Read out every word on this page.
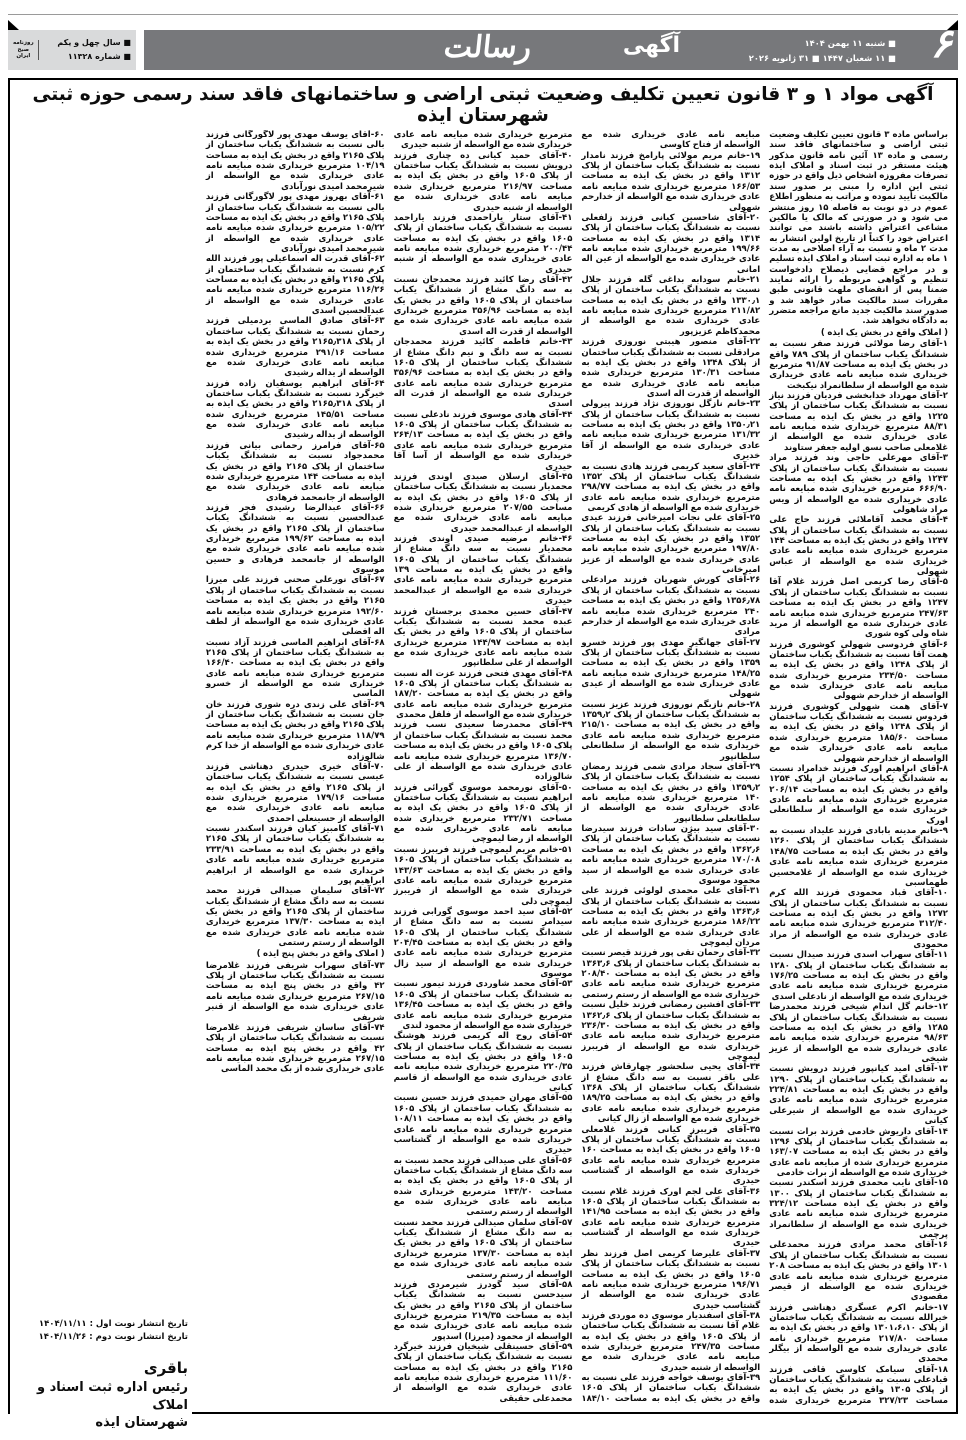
■ سال چهل و یکم
■ شماره ۱۱۳۲۸
روزنامه
صبح
ایران	۶
■ شنبه ۱۱ بهمن ۱۴۰۴
■ ۱۱ شعبان ۱۴۴۷ ■ ۳۱ ژانویه ۲۰۲۶
آگهی
رسالت
آگهی مواد ۱ و ۳ قانون تعیین تکلیف وضعیت ثبتی اراضی و ساختمانهای فاقد سند رسمی حوزه ثبتی شهرستان ایذه

براساس ماده ۳ قانون تعیین تکلیف وضعیت ثبتی اراضی و ساختمانهای فاقد سند رسمی و ماده ۱۳ آئین نامه قانون مذکور هیئت مستقر در ثبت اسناد و املاک ایذه تصرفات مفروزه اشخاص ذیل واقع در حوزه ثبتی این اداره را مبنی بر صدور سند مالکیت تأیید نموده و مراتب به منظور اطلاع عموم در دو نوبت به فاصله ۱۵ روز منتشر می شود و در صورتی که مالک یا مالکین مشاعی اعتراض داشته باشند می توانند اعتراض خود را کتباً از تاریخ اولین انتشار به مدت ۲ ماه و نسبت به آراء اصلاحی به مدت ۱ ماه به اداره ثبت اسناد و املاک ایذه تسلیم و در مراجع قضایی ذیصلاح دادخواست تنظیم و گواهی مربوطه را ارائه نمایند ضمنا پس از انقضای ملهت قانونی طبق مقررات سند مالکیت صادر خواهد شد و صدور سند مالکیت جدید مانع مراجعه متضرر به دادگاه نخواهد شد.

( املاک واقع در بخش یک ایذه )

۱-آقای رضا مولائی فرزند صفر نسبت به ششدانگ یکباب ساختمان از پلاک ۷۸۹ واقع در بخش یک ایذه به مساحت ۹۱/۸۷ مترمربع خریداری شده مبایعه نامه عادی خریداری شده مع الواسطه از سلطانمراد نیکبخت

۲-آقای مهرداد خدابخشی فردیان فرزند نیاز نسبت به ششدانگ یکباب ساختمان از پلاک ۱۲۲۵ واقع در بخش یک ایذه به مساحت ۸۸/۳۱ مترمربع خریداری شده مبایعه نامه عادی خریداری شده مع الواسطه از غلامعلی صاحب نسق اولیه جعفر ستاوند

۳-آقای مهرعلی حاجی وند فرزند مراد نسبت به ششدانگ یکباب ساختمان از پلاک ۱۲۴۳ واقع در بخش یک ایذه به مساحت ۶۶۶/۹۰ مترمربع خریداری شده مبایعه نامه عادی خریداری شده مع الواسطه از ویس مراد شاهولی

۴-آقای محمد آقاملائی فرزند حاج علی نسبت به ششدانگ یکباب ساختمان از پلاک ۱۲۴۷ واقع در بخش یک ایذه به مساحت ۱۴۴ مترمربع خریداری شده مبایعه نامه عادی خریداری شده مع الواسطه از عباس شهولی

۵-آقای رضا کریمی اصل فرزند غلام آقا نسبت به ششدانگ یکباب ساختمان از پلاک ۱۲۴۷ واقع در بخش یک ایذه به مساحت ۲۴۷/۶۳ مترمربع خریداری شده مبایعه نامه عادی خریداری شده مع الواسطه از مرید شاه ولی کوه شوری

۶-آقای فردوسی شهولی کوشوری فرزند همت آقا نسبت به ششدانگ یکباب ساختمان از پلاک ۱۲۴۸ واقع در بخش یک ایذه به مساحت ۲۳۴/۵۰ مترمربع خریداری شده مبایعه نامه عادی خریداری شده مع الواسطه از خدارحم شهولی

۷-آقای همت شهولی کوشوری فرزند فردوس نسبت به ششدانگ یکباب ساختمان از پلاک ۱۲۴۸ واقع در بخش یک ایذه به مساحت ۱۸۵/۶۰ مترمربع خریداری شده مبایعه نامه عادی خریداری شده مع الواسطه از خدارحم شهولی

۸-آقای ابراهیم اورک فرزند خدامراد نسبت به ششدانگ یکباب ساختمان از پلاک ۱۲۵۴ واقع در بخش یک ایذه به مساحت ۲۰۶/۱۴ مترمربع خریداری شده مبایعه نامه عادی خریداری شده مع الواسطه از سلطانعلی اورک

۹-خانم مدینه بابادی فرزند علیداد نسبت به ششدانگ یکباب ساختمان از پلاک ۱۲۶۰ واقع در بخش یک ایذه به مساحت ۱۴۸/۷۵ مترمربع خریداری شده مبایعه نامه عادی خریداری شده مع الواسطه از غلامحسین طهماسبی

۱۰-آقای قباد محمودی فرزند الله کرم نسبت به ششدانگ یکباب ساختمان از پلاک ۱۲۷۲ واقع در بخش یک ایذه به مساحت ۳۱۲/۴۰ مترمربع خریداری شده مبایعه نامه عادی خریداری شده مع الواسطه از مراد محمودی

۱۱-آقای سهراب اسدی فرزند صیدال نسبت به ششدانگ یکباب ساختمان از پلاک ۱۲۸۰ واقع در بخش یک ایذه به مساحت ۱۷۶/۲۵ مترمربع خریداری شده مبایعه نامه عادی خریداری شده مع الواسطه از نادعلی اسدی

۱۲-خانم گل اندام شیخی فرزند محمدرضا نسبت به ششدانگ یکباب ساختمان از پلاک ۱۲۸۵ واقع در بخش یک ایذه به مساحت ۹۸/۶۳ مترمربع خریداری شده مبایعه نامه عادی خریداری شده مع الواسطه از عزیز شیخی

۱۳-آقای امید کیانپور فرزند درویش نسبت به ششدانگ یکباب ساختمان از پلاک ۱۲۹۰ واقع در بخش یک ایذه به مساحت ۲۲۴/۸۱ مترمربع خریداری شده مبایعه نامه عادی خریداری شده مع الواسطه از شیرعلی کیانی

۱۴-آقای داریوش خادمی فرزند برات نسبت به ششدانگ یکباب ساختمان از پلاک ۱۲۹۶ واقع در بخش یک ایذه به مساحت ۱۶۳/۰۷ مترمربع خریداری شده از مبایعه نامه عادی خریداری شده مع الواسطه از برات خادمی

۱۵-آقای نایب محمدی فرزند اسکندر نسبت به ششدانگ یکباب ساختمان از پلاک ۱۳۰۰ واقع در بخش یک ایذه مساحت ۳۲۴/۱۲ مترمربع خریداری شده مبایعه نامه عادی خریداری شده مع الواسطه از سلطانمراد پرچمی

۱۶-آقای محمد مرادی فرزند محمدعلی نسبت به ششدانگ یکباب ساختمان از پلاک ۱۳۰۱ واقع در بخش یک ایذه به مساحت ۲۰۸ مترمربع خریداری شده مبایعه نامه عادی خریداری شده مع الواسطه از قیصر مقصودی

۱۷-خانم اکرم عسگری دهناشی فرزند خیرالله نسبت به ششدانگ یکباب ساختمان از پلاک ۱۳۰۱،۶،۱۰ واقع در بخش یک ایذه به مساحت ۲۱۷/۸۰ مترمربع خریداری نامه عادی خریداری شده مع الواسطه از بیگلر محمدی

۱۸-آقای سیامک کاوسی قافی فرزند قبادعلی نسبت به ششدانگ یکباب ساختمان از پلاک ۱۳۰۵ واقع در بخش یک ایذه به مساحت ۳۲۷/۲۳ مترمربع خریداری شده مبایعه نامه عادی خریداری شده مع الواسطه از فتاح کاوسی

۱۹-خانم مریم مولائی پارامخ فرزند نامدار نسبت به ششدانگ یکباب ساختمان از پلاک ۱۳۱۲ واقع در بخش یک ایذه به مساحت ۱۶۶/۵۳ مترمربع خریداری شده مبایعه نامه عادی خریداری شده مع الواسطه از خدارحم شهولی

۲۰-آقای شاحسین کیانی فرزند زلفعلی نسبت به ششدانگ یکباب ساختمان از پلاک ۱۳۱۴ واقع در بخش یک ایذه به مساحت ۱۹۹/۶۶ مترمربع خریداری شده مبایعه نامه عادی خریداری شده مع الواسطه از عین اله امانی

۲۱-خانم سودابه بداغی گله فرزند جلال نسبت به ششدانگ یکباب ساختمان از پلاک ۱۳۳۰٫۱ واقع در بخش یک ایذه به مساحت ۲۱۱/۸۲ مترمربع خریداری شده مبایعه نامه عادی خریداری شده مع الواسطه از محمدکاظم عزیزپور

۲۲-آقای منصور هیبتی نوروزی فرزند مرادقلی نسبت به ششدانگ یکباب ساختمان از پلاک ۱۳۴۸ واقع در بخش یک ایذه به مساحت ۱۳۰/۳۱ مترمربع خریداری شده مبایعه نامه عادی خریداری شده مع الواسطه از قدرت اله اسدی

۲۳-خانم نازگل نوروزی نژاد فرزند پیرولی نسبت به ششدانگ یکباب ساختمان از پلاک ۱۳۵۰٫۲۱ واقع در بخش یک ایذه به مساحت ۱۳۱/۳۲ مترمربع خریداری شده مبایعه نامه عادی خریداری شده مع الواسطه از آقا خدیری

۲۴-آقای سعید کریمی فرزند هادی نسبت به ششدانگ یکباب ساختمان از پلاک ۱۳۵۲ واقع در بخش یک ایذه به مساحت ۲۹۸/۷۷ مترمربع خریداری شده مبایعه نامه عادی خریداری شده مع الواسطه از هادی کریمی

۲۵-آقای علی نجات امیرخانی فرزند عیدی نسبت به ششدانگ یکباب ساختمان از پلاک ۱۳۵۲ واقع در بخش یک ایذه به مساحت ۱۹۷/۸۰ مترمربع خریداری شده مبایعه نامه عادی خریداری شده مع الواسطه از عزیز امیرخانی

۲۶-آقای کورش شهریان فرزند مرادعلی نسبت به ششدانگ یکباب ساختمان از پلاک ۱۳۵۶٫۷۸ واقع در بخش یک ایذه به مساحت ۲۴۰ مترمربع خریداری شده مبایعه نامه عادی خریداری شده مع الواسطه از خدارحم مرادی

۲۷-آقای جهانگیر مهدی پور فرزند خسرو نسبت به ششدانگ یکباب ساختمان از پلاک ۱۳۵۹ واقع در بخش یک ایذه به مساحت ۱۴۸/۲۵ مترمربع خریداری شده مبایعه نامه عادی خریداری شده مع الواسطه از عیدی شهولی

۲۸-خانم نازبگم نوروزی فرزند عزیز نسبت به ششدانگ یکباب ساختمان از پلاک ۱۳۵۹٫۲ واقع در بخش یک ایذه به مساحت ۲۱۵/۱۰ مترمربع خریداری شده مبایعه نامه عادی خریداری شده مع الواسطه از سلطانعلی سلطانپور

۲۹-آقای سجاد مرادی شمی فرزند رمضان نسبت به ششدانگ یکباب ساختمان از پلاک ۱۳۵۹٫۲ واقع در بخش یک ایذه به مساحت ۱۴۰ مترمربع خریداری شده مبایعه نامه عادی خریداری شده مع الواسطه از سلطانعلی سلطانپور

۳۰-آقای سید بیژن سادات فرزند سیدرضا نسبت به ششدانگ یکباب ساختمان از پلاک ۱۳۶۲٫۶ واقع در بخش یک ایذه به مساحت ۱۷۰/۰۸ مترمربع خریداری شده مبایعه نامه عادی خریداری شده مع الواسطه از سید محمود موسوی

۳۱-آقای علی محمدی لولوئی فرزند علی نسبت به ششدانگ یکباب ساختمان از پلاک ۱۳۶۳٫۶ واقع در بخش یک ایذه به مساحت ۱۸۶/۲۲ مترمربع خریداری شده مبایعه نامه عادی خریداری شده مع الواسطه از علی مردان لیموچی

۳۲-آقای رحمان تقی پور فرزند قیصر نسبت به ششدانگ یکباب ساختمان از پلاک ۱۳۶۳٫۶ واقع در بخش یک ایذه به مساحت ۲۰۸/۴۰ مترمربع خریداری شده مبایعه نامه عادی خریداری شده مع الواسطه از رستم رستمی

۳۳-آقای افشین رمضانی فرزند خلیل نسبت به ششدانگ یکباب ساختمان از پلاک ۱۳۶۲٫۶ واقع در بخش یک ایذه به مساحت ۲۳۶/۳۰ مترمربع خریداری شده مبایعه نامه عادی خریداری شده مع الواسطه از فریبرز لیموچی

۳۴-آقای یحیی سلحشور چهارقاش فرزند علی باقر نسبت به سه دانگ مشاع از ششدانگ یکباب ساختمان از پلاک ۱۳۶۸ واقع در بخش یک ایذه به مساحت ۱۸۹/۲۵ مترمربع خریداری شده مبایعه نامه عادی خریداری شده مع الواسطه از زال کیانی

۳۵-آقای فریبرز کیانی فرزند غلامعلی نسبت به ششدانگ یکباب ساختمان از پلاک ۱۶۰۵ واقع در بخش یک ایذه به مساحت ۱۶۰ مترمربع خریداری شده مبایعه نامه عادی خریداری شده مع الواسطه از گشتاسب حیدری

۳۶-آقای علی لجم اورک فرزند غلام نسبت به ششدانگ یکباب ساختمان از پلاک ۱۶۰۵ واقع در بخش یک ایذه به مساحت ۱۴۱/۹۵ مترمربع خریداری شده مبایعه نامه عادی خریداری شده مع الواسطه از گشتاسب حیدری

۳۷-آقای علیرضا کریمی اصل فرزند نظر نسبت به ششدانگ یکباب ساختمان از پلاک ۱۶۰۵ واقع در بخش یک ایذه به مساحت ۱۹۶/۷۱ مترمربع خریداری شده مبایعه نامه عادی خریداری شده مع الواسطه از گشتاسب حیدری

۳۸-آقای اسفندیار موسوی ده موردی فرزند غلام آقا نسبت به ششدانگ یکباب ساختمان از پلاک ۱۶۰۵ واقع در بخش یک ایذه به مساحت ۲۴۷/۳۵ مترمربع خریداری شده مبایعه نامه عادی خریداری شده مع الواسطه از شنبه حیدری

۳۹-آقای یوسف خواجه فرزند علی نسبت به ششدانگ یکباب ساختمان از پلاک ۱۶۰۵ واقع در بخش یک ایذه به مساحت ۱۸۴/۱۰ مترمربع خریداری شده مبایعه نامه عادی خریداری شده مع الواسطه از شنبه حیدری

۴۰-آقای حمید کیانی ده چناری فرزند درویش نسبت به ششدانگ یکباب ساختمان از پلاک ۱۶۰۵ واقع در بخش یک ایذه به مساحت ۲۱۶/۹۷ مترمربع خریداری شده مبایعه نامه عادی خریداری شده مع الواسطه از شنبه حیدری

۴۱-آقای ستار یاراحمدی فرزند یاراحمد نسبت به ششدانگ یکباب ساختمان از پلاک ۱۶۰۵ واقع در بخش یک ایذه به مساحت ۲۰۰/۴۴ مترمربع خریداری شده مبایعه نامه عادی خریداری شده مع الواسطه از شنبه حیدری

۴۲-آقای رضا کائید فرزند محمدجان نسبت به سه دانگ مشاع از ششدانگ یکباب ساختمان از پلاک ۱۶۰۵ واقع در بخش یک ایذه به مساحت ۳۵۶/۹۶ مترمربع خریداری شده مبایعه نامه عادی خریداری شده مع الواسطه از قدرت اله اسدی

۴۳-خانم فاطمه کائید فرزند محمدجان نسبت به سه دانگ و نیم دانگ مشاع از ششدانگ یکباب ساختمان از پلاک ۱۶۰۵ واقع در بخش یک ایذه به مساحت ۳۵۶/۹۶ مترمربع خریداری شده مبایعه نامه عادی خریداری شده مع الواسطه از قدرت اله اسدی

۴۴-آقای هادی موسوی فرزند نادعلی نسبت به ششدانگ یکباب ساختمان از پلاک ۱۶۰۵ واقع در بخش یک ایذه به مساحت ۲۶۴/۱۳ مترمربع خریداری شده مبایعه نامه عادی خریداری شده مع الواسطه از آسا آقا حیدری

۴۵-آقای ارسلان صیدی اوندی فرزند محمدیار نسبت به ششدانگ یکباب ساختمان از پلاک ۱۶۰۵ واقع در بخش یک ایذه به مساحت ۲۰۷/۵۵ مترمربع خریداری شده مبایعه نامه عادی خریداری شده مع الواسطه از عبدالمحمد حیدری

۴۶-خانم مرضیه صیدی اوندی فرزند محمدیار نسبت به سه دانگ مشاع از ششدانگ یکباب ساختمان از پلاک ۱۶۰۵ واقع در بخش یک ایذه به مساحت ۱۳۹ مترمربع خریداری شده مبایعه نامه عادی خریداری شده مع الواسطه از عبدالمحمد حیدری

۴۷-آقای حسین محمدی برجستان فرزند عبده محمد نسبت به ششدانگ یکباب ساختمان از پلاک ۱۶۰۵ واقع در بخش یک ایذه به مساحت ۱۴۴/۹۷ مترمربع خریداری شده مبایعه نامه عادی خریداری شده مع الواسطه از علی سلطانپور

۴۸-آقای مهدی فتحی فرزند عزت اله نسبت به ششدانگ یکباب ساختمان از پلاک ۱۶۰۵ واقع در بخش یک ایذه به مساحت ۱۸۷/۲۰ مترمربع خریداری شده مبایعه نامه عادی خریداری شده مع الواسطه از فلفل محمدی

۴۹-آقای محمدرضا سعیدی نسب فرزند محمد نسبت به ششدانگ یکباب ساختمان از پلاک ۱۶۰۵ واقع در بخش یک ایذه به مساحت ۱۳۶/۷۰ مترمربع خریداری شده مبایعه نامه عادی خریداری شده مع الواسطه از علی شالوزاده

۵۰-آقای نورمحمد موسوی گورائی فرزند ابراهیم نسبت به ششدانگ یکباب ساختمان از پلاک ۱۶۰۵ واقع در بخش یک ایذه به مساحت ۲۳۲/۷۱ مترمربع خریداری شده مبایعه نامه عادی خریداری شده مع الواسطه از رضا لیموچی

۵۱-خانم مریم لیموچی فرزند فریبرز نسبت به ششدانگ یکباب ساختمان از پلاک ۱۶۰۵ واقع در بخش یک ایذه به مساحت ۱۴۳/۶۳ مترمربع خریداری شده مبایعه نامه عادی خریداری شده مع الواسطه از فریبرز لیموچی دلی

۵۲-آقای سید احمد موسوی گورابی فرزند سیدامر نسبت به سه دانگ مشاع از ششدانگ یکباب ساختمان از پلاک ۱۶۰۵ واقع در بخش یک ایذه به مساحت ۲۰۴/۴۵ مترمربع خریداری شده مبایعه نامه عادی خریداری شده مع الواسطه از سید زال موسوی

۵۳-آقای محمد شاوردی فرزند تیمور نسبت به ششدانگ یکباب ساختمان از پلاک ۱۶۰۵ واقع در بخش یک ایذه به مساحت ۱۳۶/۴۵ مترمربع خریداری شده مبایعه نامه عادی خریداری شده مع الواسطه از محمود لندی

۵۴-آقای روح اله کریمی فرزند هوشنگ نسبت به ششدانگ یکباب ساختمان از پلاک ۱۶۰۵ واقع در بخش یک ایذه به مساحت ۲۲۰/۳۵ مترمربع خریداری شده مبایعه نامه عادی خریداری شده مع الواسطه از قاسم کیانی

۵۵-آقای مهران حمیدی فرزند حسین نسبت به ششدانگ یکباب ساختمان از پلاک ۱۶۰۵ واقع در بخش یک ایذه به مساحت ۱۰۸/۱۱ مترمربع خریداری شده مبایعه نامه عادی خریداری شده مع الواسطه از گشتاسب حیدری

۵۶-آقای علی صیدالی فرزند محمد نسبت به سه دانگ مشاع از ششدانگ یکباب ساختمان از پلاک ۱۶۰۵ واقع در بخش یک ایذه به مساحت ۱۴۳/۲۰ مترمربع خریداری شده مبایعه نامه عادی خریداری شده مع الواسطه از رستم رستمی

۵۷-آقای سلمان صیدالی فرزند محمد نسبت به سه دانگ مشاع از ششدانگ یکباب ساختمان از پلاک ۱۶۰۵ واقع در بخش یک ایذه به مساحت ۱۳۷/۳۰ مترمربع خریداری شده مبایعه نامه عادی خریداری شده مع الواسطه از رستم رستمی

۵۸-آقای سید گودرز شیرمردی فرزند سیدحسن نسبت به ششدانگ یکباب ساختمان از پلاک ۲۱۶۵ واقع در بخش یک ایذه به مساحت ۲۱۹/۳۵ مترمربع خریداری شده مبایعه نامه عادی خریداری شده مع الواسطه از محمود (میرزا) اسدپور

۵۹-آقای حسینقلی شیخیان فرزند خیرگرد نسبت به ششدانگ یکباب ساختمان از پلاک ۲۱۶۵ واقع در بخش یک ایذه به مساحت ۱۱۱/۶۰ مترمربع خریداری شده مبایعه نامه عادی خریداری شده مع الواسطه از محمدعلی حقیقی

۶۰-آقای یوسف مهدی پور لاگورگانی فرزند بالی نسبت به ششدانگ یکباب ساختمان از پلاک ۲۱۶۵ واقع در بخش یک ایذه به مساحت ۱۰۴/۱۹ مترمربع خریداری شده مبایعه نامه عادی خریداری شده مع الواسطه از شیرمحمد امیدی نورآبادی

۶۱-آقای بهروز مهدی پور لاگورگانی فرزند بالی نسبت به ششدانگ یکباب ساختمان از پلاک ۲۱۶۵ واقع در بخش یک ایذه به مساحت ۱۰۵/۲۲ مترمربع خریداری شده مبایعه نامه عادی خریداری شده مع الواسطه از شیرمحمد امیدی نورآبادی

۶۲-آقای قدرت اله اسماعیلی پور فرزند الله کرم نسبت به ششدانگ یکباب ساختمان از پلاک ۲۱۶۵ واقع در بخش یک ایذه به مساحت ۱۱۶/۲۶ مترمربع خریداری شده مبایعه نامه عادی خریداری شده مع الواسطه از عبدالحسین اسدی

۶۳-آقای صادق الماسی بردمیلی فرزند رحمان نسبت به ششدانگ یکباب ساختمان از پلاک ۲۱۶۵٫۳۱۸ واقع در بخش یک ایذه به مساحت ۲۹۱/۱۶ مترمربع خریداری شده مبایعه نامه عادی خریداری شده مع الواسطه از یداله رشیدی

۶۴-آقای ابراهیم یوسفیان زاده فرزند خیرگرد نسبت به ششدانگ یکباب ساختمان از پلاک ۲۱۶۵٫۳۱۸ واقع در بخش یک ایذه به مساحت ۱۴۵/۵۱ مترمربع خریداری شده مبایعه نامه عادی خریداری شده مع الواسطه از یداله رشیدی

۶۵-آقای فرامرز رحمانی بیانی فرزند محمدجواد نسبت به ششدانگ یکباب ساختمان از پلاک ۲۱۶۵ واقع در بخش یک ایذه به مساحت ۱۴۴ مترمربع خریداری شده مبایعه نامه عادی خریداری شده مع الواسطه از جانمحمد فرهادی

۶۶-آقای عبدالرضا رشیدی فجر فرزند عبدالحسین نسبت به ششدانگ یکباب ساختمان از پلاک ۲۱۶۵ واقع در بخش یک ایذه به مساحت ۱۹۹/۶۲ مترمربع خریداری شده مبایعه نامه عادی خریداری شده مع الواسطه از جانمحمد فرهادی و حسین موسوی

۶۷-آقای نورعلی صحنی فرزند علی میرزا نسبت به ششدانگ یکباب ساختمان از پلاک ۲۱۶۵ واقع در بخش یک ایذه به مساحت ۱۹۲/۶۰ مترمربع خریداری شده مبایعه نامه عادی خریداری شده مع الواسطه از لطف اله افضلی

۶۸-آقای ابراهیم الماسی فرزند آزاد نسبت به ششدانگ یکباب ساختمان از پلاک ۲۱۶۵ واقع در بخش یک ایذه به مساحت ۱۶۶/۴۰ مترمربع خریداری شده مبایعه نامه عادی خریداری شده مع الواسطه از خسرو الماسی

۶۹-آقای علی زندی دره شوری فرزند خان جان نسبت به ششدانگ یکباب ساختمان از پلاک ۲۱۶۵ واقع در بخش یک ایذه به مساحت ۱۱۸/۷۹ مترمربع خریداری شده مبایعه نامه عادی خریداری شده مع الواسطه از خدا کرم شالوزاده

۷۰-آقای خیری حیدری دهناشی فرزند عیسی نسبت به ششدانگ یکباب ساختمان از پلاک ۲۱۶۵ واقع در بخش یک ایذه به مساحت ۱۷۹/۱۶ مترمربع خریداری شده مبایعه نامه عادی خریداری شده مع الواسطه از حسینعلی احمدی

۷۱-آقای کامبیز کیان فرزند اسکندر نسبت به ششدانگ یکباب ساختمان از پلاک ۲۱۶۵ واقع در بخش یک ایذه به مساحت ۲۳۳/۹۱ مترمربع خریداری شده مبایعه نامه عادی خریداری شده مع الواسطه از ابراهیم ابراهیم پور

۷۲-آقای سلیمان صیدالی فرزند محمد نسبت به سه دانگ مشاع از ششدانگ یکباب ساختمان از پلاک ۲۱۶۵ واقع در بخش یک ایذه به مساحت ۱۳۷/۳۰ مترمربع خریداری شده مبایعه نامه عادی خریداری شده مع الواسطه از رستم رستمی

( املاک واقع در بخش پنج ایذه )

۷۳-آقای سهراب شریفی فرزند غلامرضا نسبت به ششدانگ یکباب ساختمان از پلاک ۴۲ واقع در بخش پنج ایذه به مساحت ۲۶۷/۱۵ مترمربع خریداری شده مبایعه نامه عادی خریداری شده مع الواسطه از قنبر شریفی

۷۴-آقای ساسان شریفی فرزند غلامرضا نسبت به ششدانگ یکباب ساختمان از پلاک ۴۲ واقع در بخش پنج ایذه به مساحت ۲۶۷/۱۵ مترمربع خریداری شده مبایعه نامه عادی خریداری شده از بک محمد الماسی

تاریخ انتشار نوبت اول : ۱۴۰۴/۱۱/۱۱
تاریخ انتشار نوبت دوم : ۱۴۰۴/۱۱/۲۶
باقری
رئیس اداره ثبت اسناد و املاک
شهرستان ایذه
